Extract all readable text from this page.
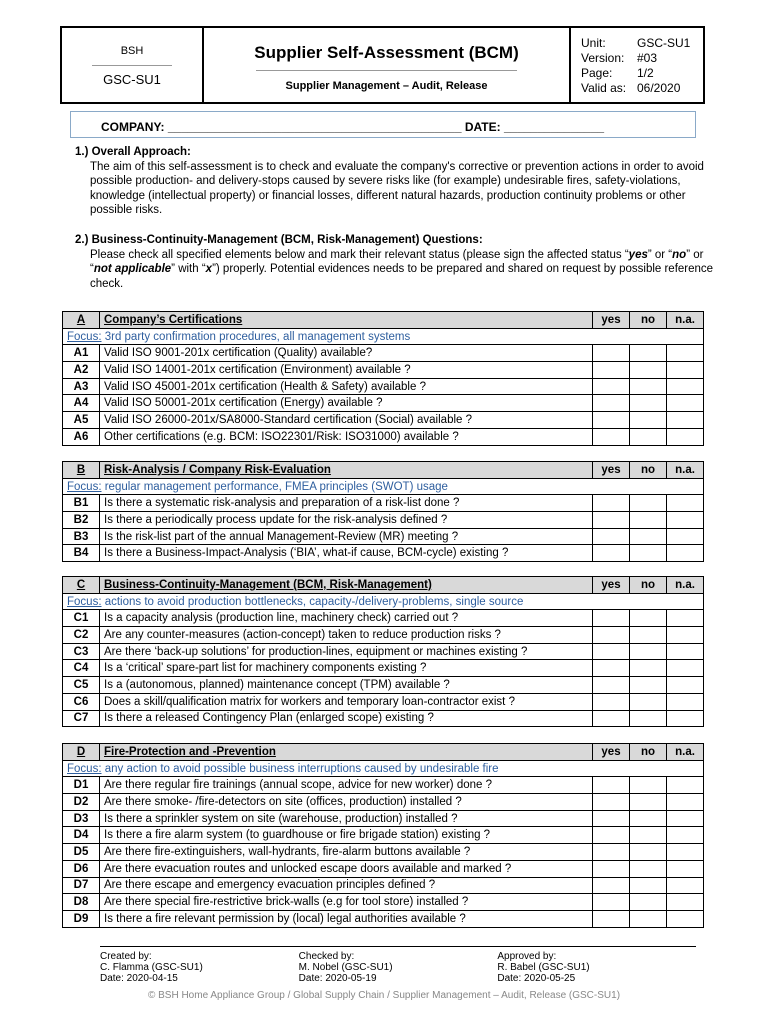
BSH
GSC-SU1
Supplier Self-Assessment (BCM)
Supplier Management – Audit, Release
Unit:	GSC-SU1
Version:	#03
Page:	1/2
Valid as: 06/2020
COMPANY: ____________________________________________ DATE: _______________
1.) Overall Approach:
The aim of this self-assessment is to check and evaluate the company's corrective or prevention actions in order to avoid possible production- and delivery-stops caused by severe risks like (for example) undesirable fires, safety-violations, knowledge (intellectual property) or financial losses, different natural hazards, production continuity problems or other possible risks.
2.) Business-Continuity-Management (BCM, Risk-Management) Questions:
Please check all specified elements below and mark their relevant status (please sign the affected status “yes” or “no” or “not applicable” with “x”) properly. Potential evidences needs to be prepared and shared on request by possible reference check.
A	Company’s Certifications	yes	no	n.a.
Focus: 3rd party confirmation procedures, all management systems				
A1	Valid ISO 9001-201x certification (Quality) available?			
A2	Valid ISO 14001-201x certification (Environment) available ?			
A3	Valid ISO 45001-201x certification (Health & Safety) available ?			
A4	Valid ISO 50001-201x certification (Energy) available ?			
A5	Valid ISO 26000-201x/SA8000-Standard certification (Social) available ?			
A6	Other certifications (e.g. BCM: ISO22301/Risk: ISO31000) available ?			
B	Risk-Analysis / Company Risk-Evaluation	yes	no	n.a.
Focus: regular management performance, FMEA principles (SWOT) usage				
B1	Is there a systematic risk-analysis and preparation of a risk-list done ?			
B2	Is there a periodically process update for the risk-analysis defined ?			
B3	Is the risk-list part of the annual Management-Review (MR) meeting ?			
B4	Is there a Business-Impact-Analysis (‘BIA’, what-if cause, BCM-cycle) existing ?			
C	Business-Continuity-Management (BCM, Risk-Management)	yes	no	n.a.
Focus: actions to avoid production bottlenecks, capacity-/delivery-problems, single source				
C1	Is a capacity analysis (production line, machinery check) carried out ?			
C2	Are any counter-measures (action-concept) taken to reduce production risks ?			
C3	Are there ‘back-up solutions’ for production-lines, equipment or machines existing ?			
C4	Is a ‘critical’ spare-part list for machinery components existing ?			
C5	Is a (autonomous, planned) maintenance concept (TPM) available ?			
C6	Does a skill/qualification matrix for workers and temporary loan-contractor exist ?			
C7	Is there a released Contingency Plan (enlarged scope) existing ?			
D	Fire-Protection and -Prevention	yes	no	n.a.
Focus: any action to avoid possible business interruptions caused by undesirable fire				
D1	Are there regular fire trainings (annual scope, advice for new worker) done ?			
D2	Are there smoke- /fire-detectors on site (offices, production) installed ?			
D3	Is there a sprinkler system on site (warehouse, production) installed ?			
D4	Is there a fire alarm system (to guardhouse or fire brigade station) existing ?			
D5	Are there fire-extinguishers, wall-hydrants, fire-alarm buttons available ?			
D6	Are there evacuation routes and unlocked escape doors available and marked ?			
D7	Are there escape and emergency evacuation principles defined ?			
D8	Are there special fire-restrictive brick-walls (e.g for tool store) installed ?			
D9	Is there a fire relevant permission by (local) legal authorities available ?			
Created by:
C. Flamma (GSC-SU1)
Date: 2020-04-15
Checked by:
M. Nobel (GSC-SU1)
Date: 2020-05-19
Approved by:
R. Babel (GSC-SU1)
Date: 2020-05-25
© BSH Home Appliance Group / Global Supply Chain / Supplier Management – Audit, Release (GSC-SU1)
